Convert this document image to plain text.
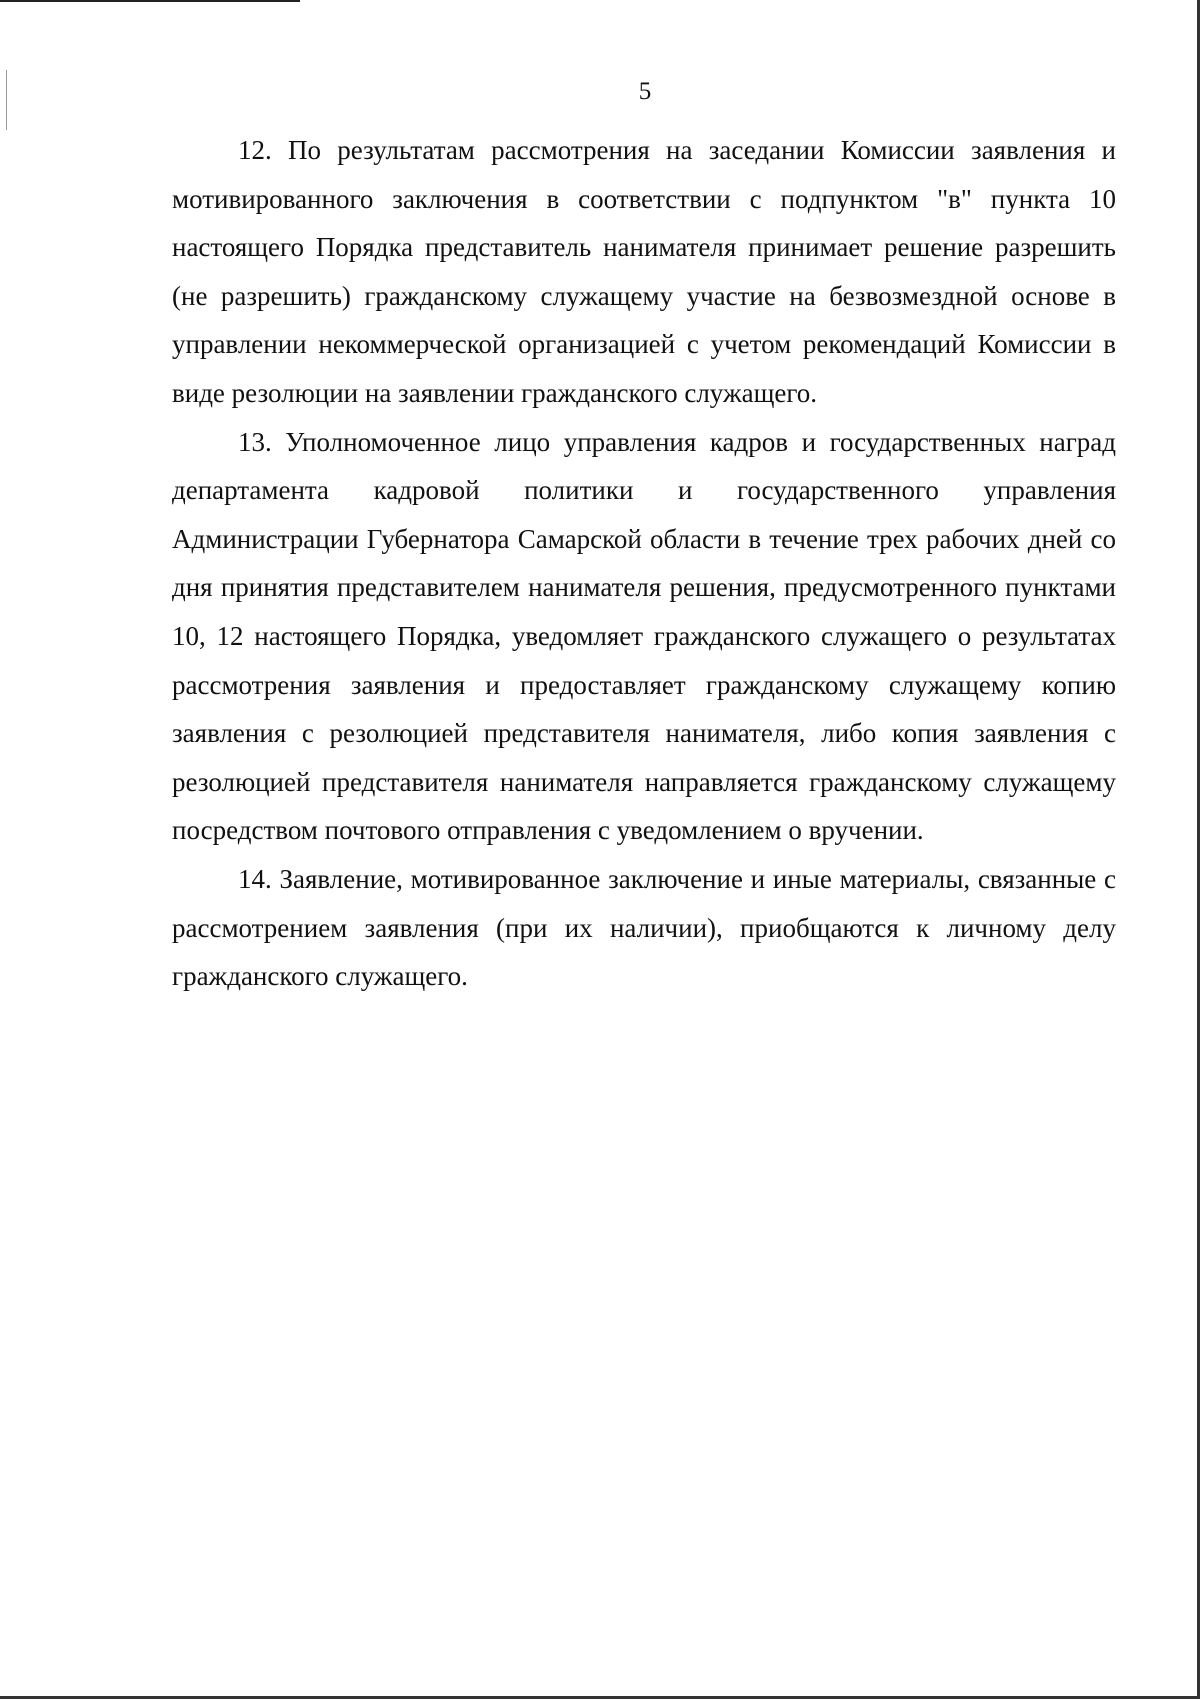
5

12. По результатам рассмотрения на заседании Комиссии заявления и мотивированного заключения в соответствии с подпунктом "в" пункта 10 настоящего Порядка представитель нанимателя принимает решение разрешить (не разрешить) гражданскому служащему участие на безвозмездной основе в управлении некоммерческой организацией с учетом рекомендаций Комиссии в виде резолюции на заявлении гражданского служащего.

13. Уполномоченное лицо управления кадров и государственных наград департамента кадровой политики и государственного управления Администрации Губернатора Самарской области в течение трех рабочих дней со дня принятия представителем нанимателя решения, предусмотренного пунктами 10, 12 настоящего Порядка, уведомляет гражданского служащего о результатах рассмотрения заявления и предоставляет гражданскому служащему копию заявления с резолюцией представителя нанимателя, либо копия заявления с резолюцией представителя нанимателя направляется гражданскому служащему посредством почтового отправления с уведомлением о вручении.

14. Заявление, мотивированное заключение и иные материалы, связанные с рассмотрением заявления (при их наличии), приобщаются к личному делу гражданского служащего.
